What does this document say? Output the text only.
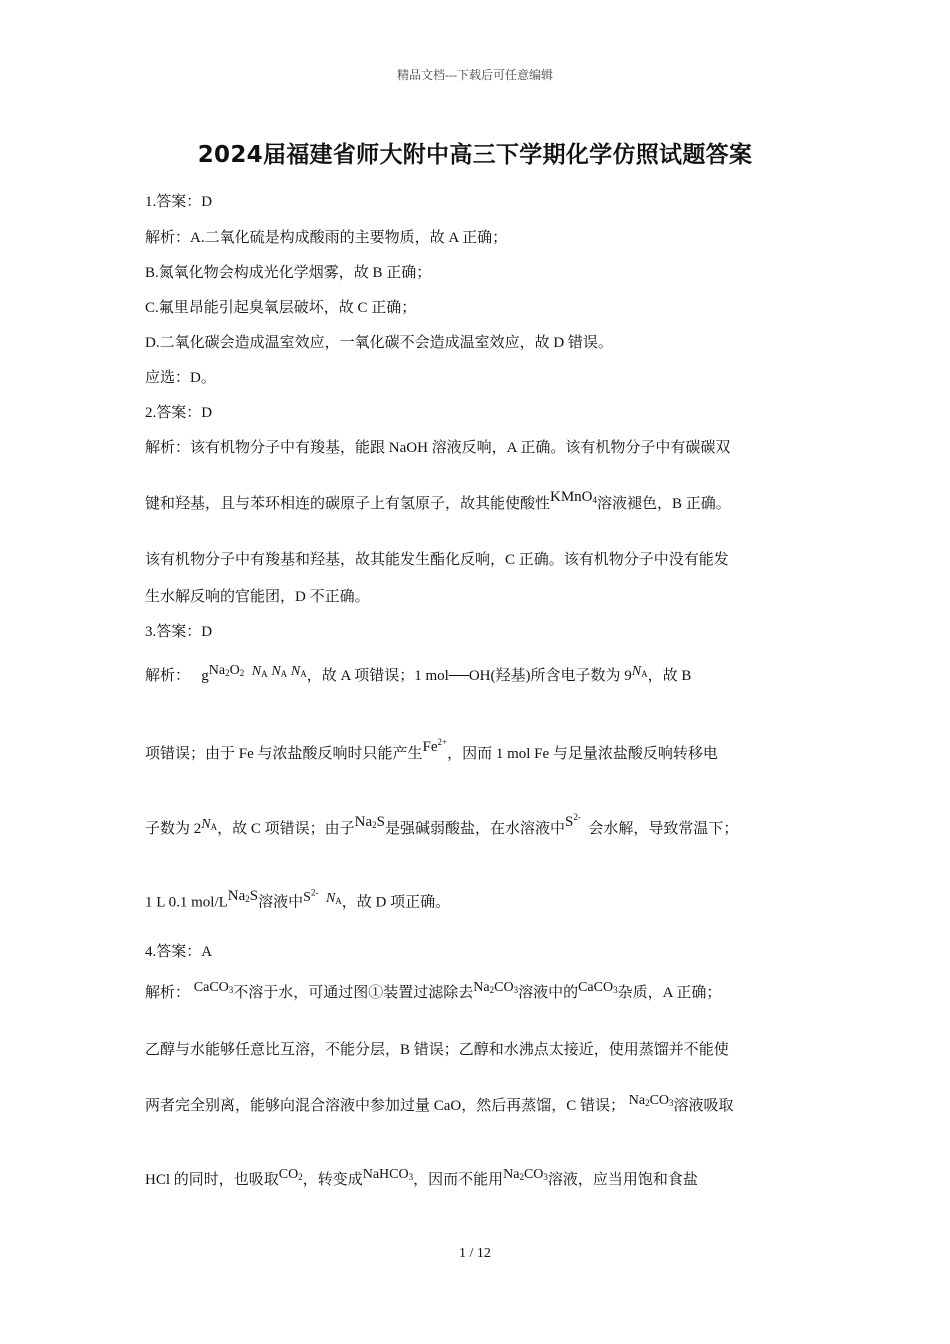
精品文档---下载后可任意编辑
2024届福建省师大附中高三下学期化学仿照试题答案
1.答案：D
解析：A.二氧化硫是构成酸雨的主要物质，故 A 正确；
B.氮氧化物会构成光化学烟雾，故 B 正确；
C.氟里昂能引起臭氧层破坏，故 C 正确；
D.二氧化碳会造成温室效应，一氧化碳不会造成温室效应，故 D 错误。
应选：D。
2.答案：D
解析：该有机物分子中有羧基，能跟 NaOH 溶液反响，A 正确。该有机物分子中有碳碳双
键和羟基，且与苯环相连的碳原子上有氢原子，故其能使酸性KMnO$_4$溶液褪色，B 正确。
该有机物分子中有羧基和羟基，故其能发生酯化反响，C 正确。该有机物分子中没有能发
生水解反响的官能团，D 不正确。
3.答案：D
解析： $gNa_2O_2$ $N_A$ $N_A$ $N_A$，故 A 项错误；1 mol—OH(羟基)所含电子数为 $9N_A$，故 B
项错误；由于 Fe 与浓盐酸反响时只能产生$Fe^{2+}$，因而 1 mol Fe 与足量浓盐酸反响转移电
子数为 $2N_A$，故 C 项错误；由子$Na_2S$是强碱弱酸盐，在水溶液中$S^{2-}$  会水解，导致常温下；
1 L 0.1 mol/LNa$_2$S溶液中$S^{2-}$ $N_A$，故 D 项正确。
4.答案：A
解析： CaCO$_3$不溶于水，可通过图①装置过滤除去$Na_2CO_3$溶液中的CaCO$_3$杂质，A 正确；
乙醇与水能够任意比互溶，不能分层，B 错误；乙醇和水沸点太接近，使用蒸馏并不能使
两者完全别离，能够向混合溶液中参加过量 CaO，然后再蒸馏，C 错误； $Na_2CO_3$溶液吸取
HCl 的同时，也吸取$CO_2$，转变成NaHCO$_3$，因而不能用$Na_2CO_3$溶液，应当用饱和食盐
1 / 12
